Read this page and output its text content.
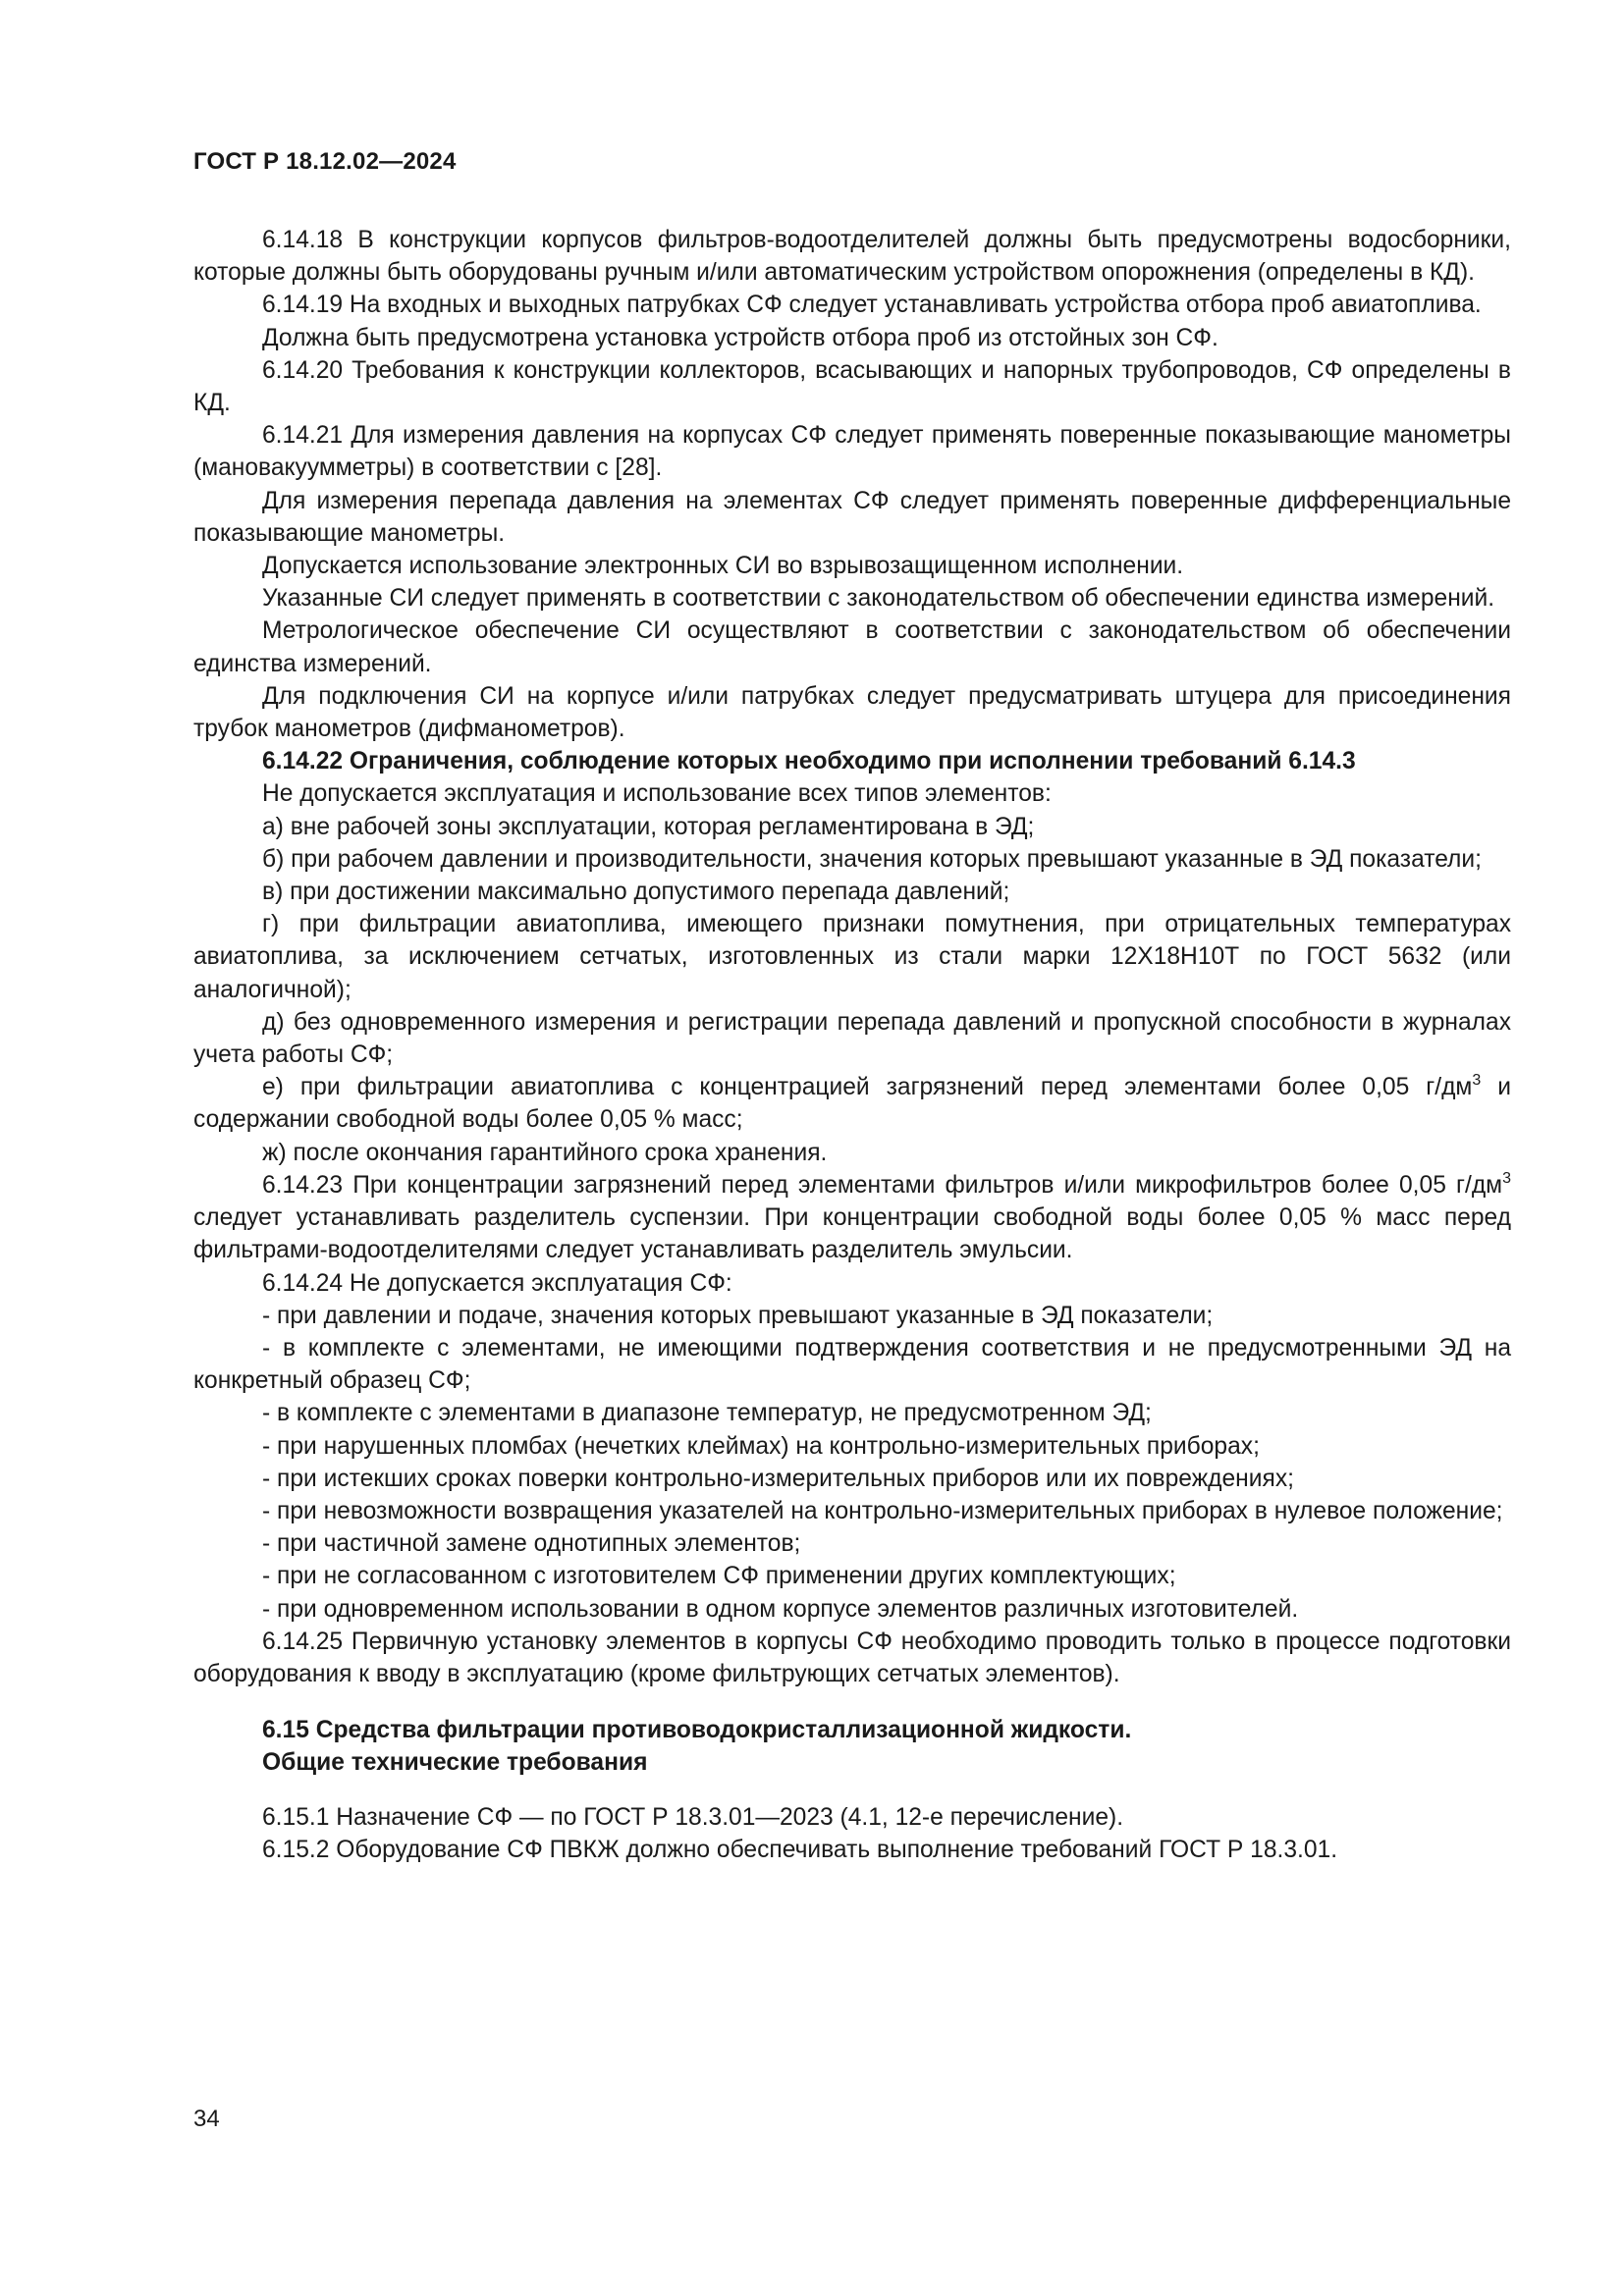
ГОСТ Р 18.12.02—2024

6.14.18 В конструкции корпусов фильтров-водоотделителей должны быть предусмотрены водосборники, которые должны быть оборудованы ручным и/или автоматическим устройством опорожнения (определены в КД).

6.14.19 На входных и выходных патрубках СФ следует устанавливать устройства отбора проб авиатоплива.

Должна быть предусмотрена установка устройств отбора проб из отстойных зон СФ.

6.14.20 Требования к конструкции коллекторов, всасывающих и напорных трубопроводов, СФ определены в КД.

6.14.21 Для измерения давления на корпусах СФ следует применять поверенные показывающие манометры (мановакуумметры) в соответствии с [28].

Для измерения перепада давления на элементах СФ следует применять поверенные дифференциальные показывающие манометры.

Допускается использование электронных СИ во взрывозащищенном исполнении.

Указанные СИ следует применять в соответствии с законодательством об обеспечении единства измерений.

Метрологическое обеспечение СИ осуществляют в соответствии с законодательством об обеспечении единства измерений.

Для подключения СИ на корпусе и/или патрубках следует предусматривать штуцера для присоединения трубок манометров (дифманометров).

6.14.22 Ограничения, соблюдение которых необходимо при исполнении требований 6.14.3

Не допускается эксплуатация и использование всех типов элементов:

а) вне рабочей зоны эксплуатации, которая регламентирована в ЭД;

б) при рабочем давлении и производительности, значения которых превышают указанные в ЭД показатели;

в) при достижении максимально допустимого перепада давлений;

г) при фильтрации авиатоплива, имеющего признаки помутнения, при отрицательных температурах авиатоплива, за исключением сетчатых, изготовленных из стали марки 12Х18Н10Т по ГОСТ 5632 (или аналогичной);

д) без одновременного измерения и регистрации перепада давлений и пропускной способности в журналах учета работы СФ;

е) при фильтрации авиатоплива с концентрацией загрязнений перед элементами более 0,05 $г/дм^3$ и содержании свободной воды более 0,05 % масс;

ж) после окончания гарантийного срока хранения.

6.14.23 При концентрации загрязнений перед элементами фильтров и/или микрофильтров более 0,05 $г/дм^3$ следует устанавливать разделитель суспензии. При концентрации свободной воды более 0,05 % масс перед фильтрами-водоотделителями следует устанавливать разделитель эмульсии.

6.14.24 Не допускается эксплуатация СФ:

- при давлении и подаче, значения которых превышают указанные в ЭД показатели;

- в комплекте с элементами, не имеющими подтверждения соответствия и не предусмотренными ЭД на конкретный образец СФ;

- в комплекте с элементами в диапазоне температур, не предусмотренном ЭД;

- при нарушенных пломбах (нечетких клеймах) на контрольно-измерительных приборах;

- при истекших сроках поверки контрольно-измерительных приборов или их повреждениях;

- при невозможности возвращения указателей на контрольно-измерительных приборах в нулевое положение;

- при частичной замене однотипных элементов;

- при не согласованном с изготовителем СФ применении других комплектующих;

- при одновременном использовании в одном корпусе элементов различных изготовителей.

6.14.25 Первичную установку элементов в корпусы СФ необходимо проводить только в процессе подготовки оборудования к вводу в эксплуатацию (кроме фильтрующих сетчатых элементов).

6.15 Средства фильтрации противоводокристаллизационной жидкости.

Общие технические требования

6.15.1 Назначение СФ — по ГОСТ Р 18.3.01—2023 (4.1, 12-е перечисление).

6.15.2 Оборудование СФ ПВКЖ должно обеспечивать выполнение требований ГОСТ Р 18.3.01.

34
